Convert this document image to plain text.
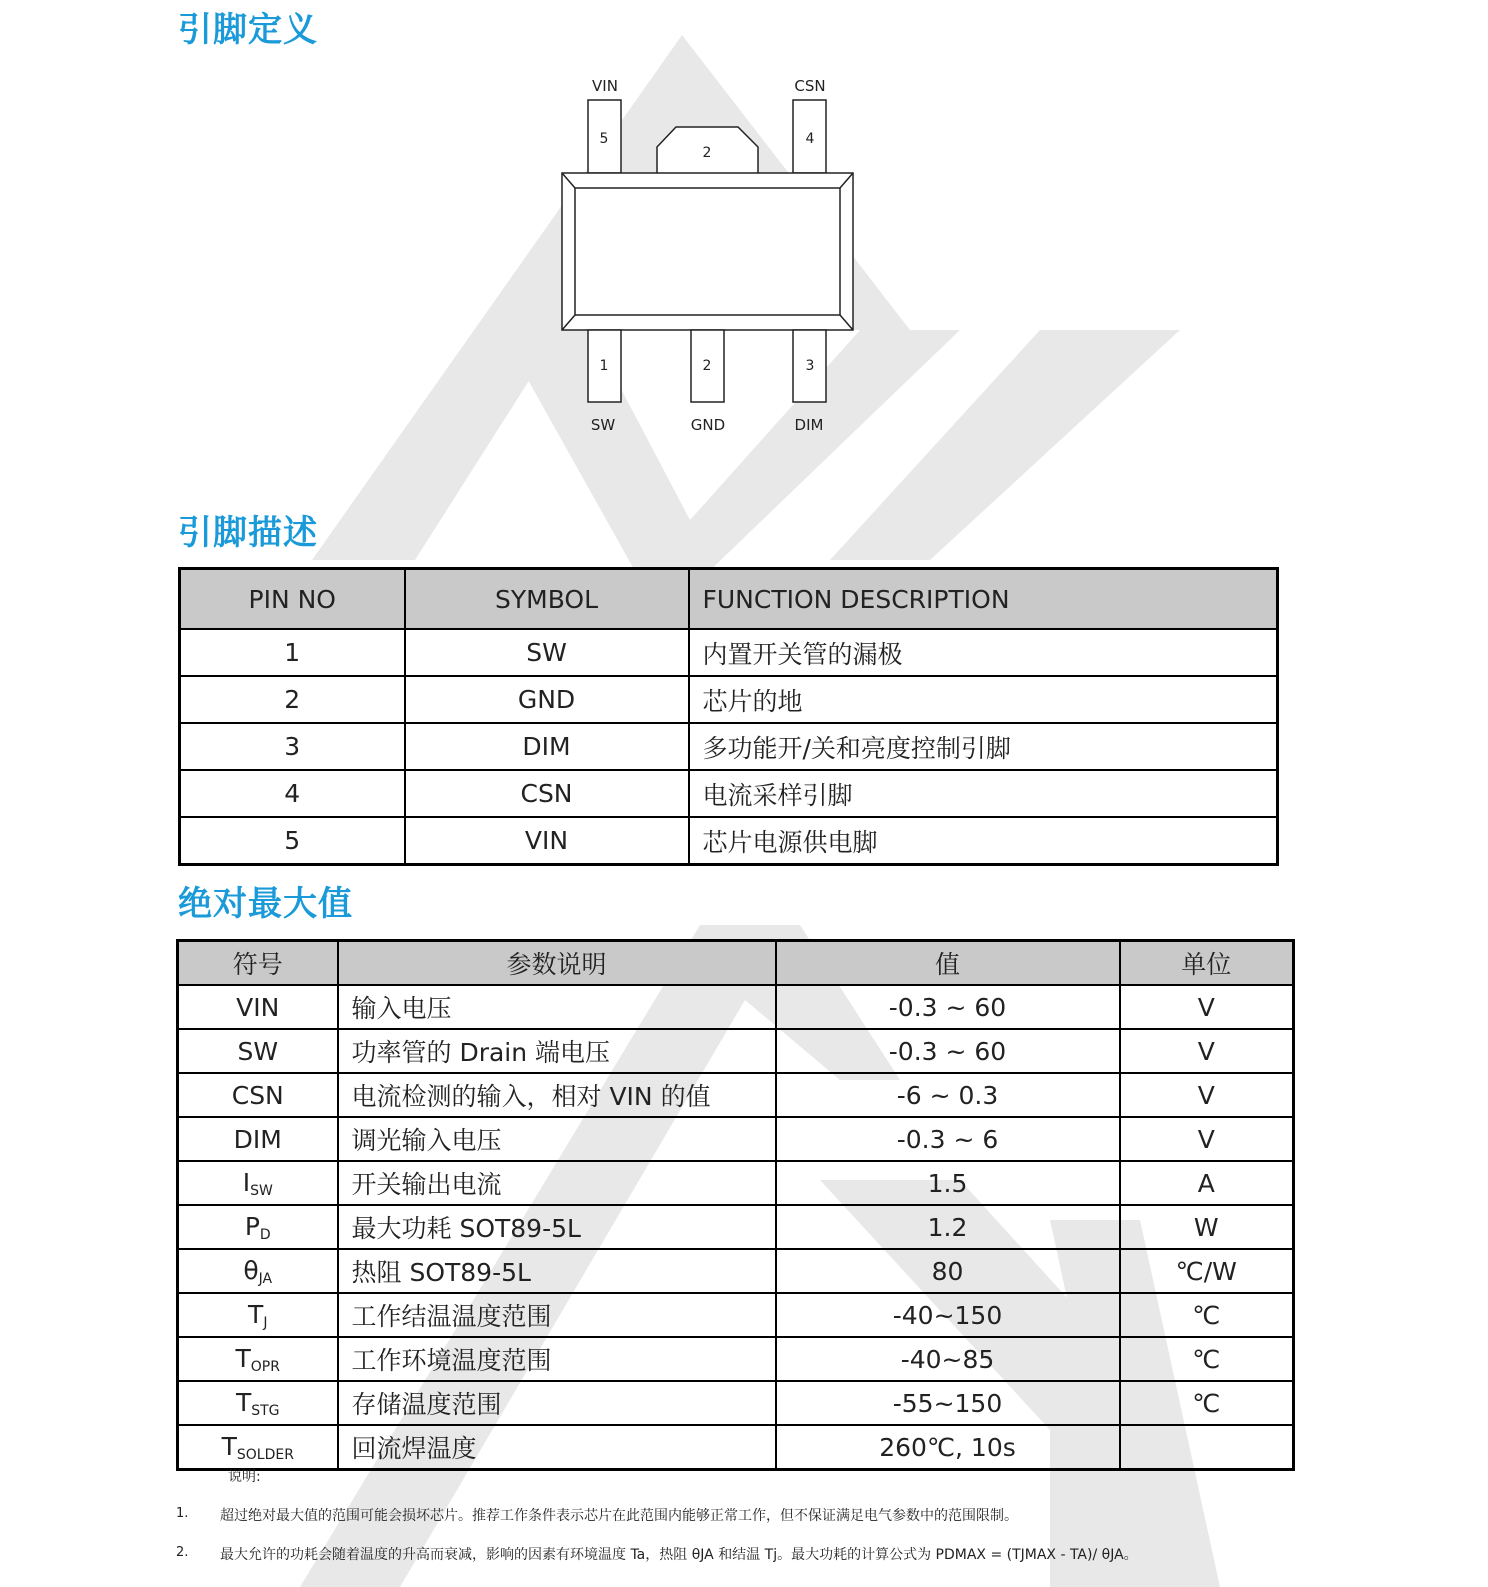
引脚定义
VIN	CSN
5
2
4
1	2	3
SW	GND	DIM
引脚描述
PIN NO	SYMBOL	FUNCTION DESCRIPTION
1	SW	内置开关管的漏极
2	GND	芯片的地
3	DIM	多功能开/关和亮度控制引脚
4	CSN	电流采样引脚
5	VIN	芯片电源供电脚
绝对最大值
符号	参数说明	值	单位
VIN	输入电压	-0.3 ~ 60	V
SW	功率管的 Drain 端电压	-0.3 ~ 60	V
CSN	电流检测的输入，相对 VIN 的值	-6 ~ 0.3	V
DIM	调光输入电压	-0.3 ~ 6	V
$I_{SW}$	开关输出电流	1.5	A
$P_D$	最大功耗 SOT89-5L	1.2	W
$\theta_{JA}$	热阻 SOT89-5L	80	℃/W
$T_J$	工作结温温度范围	-40~150	℃
$T_{OPR}$	工作环境温度范围	-40~85	℃
$T_{STG}$	存储温度范围	-55~150	℃
$T_{SOLDER}$	回流焊温度	260℃, 10s	
说明:
1. 超过绝对最大值的范围可能会损坏芯片。推荐工作条件表示芯片在此范围内能够正常工作，但不保证满足电气参数中的范围限制。
2. 最大允许的功耗会随着温度的升高而衰减，影响的因素有环境温度 Ta，热阻 θJA 和结温 Tj。最大功耗的计算公式为 PDMAX = (TJMAX - TA)/ θJA。
